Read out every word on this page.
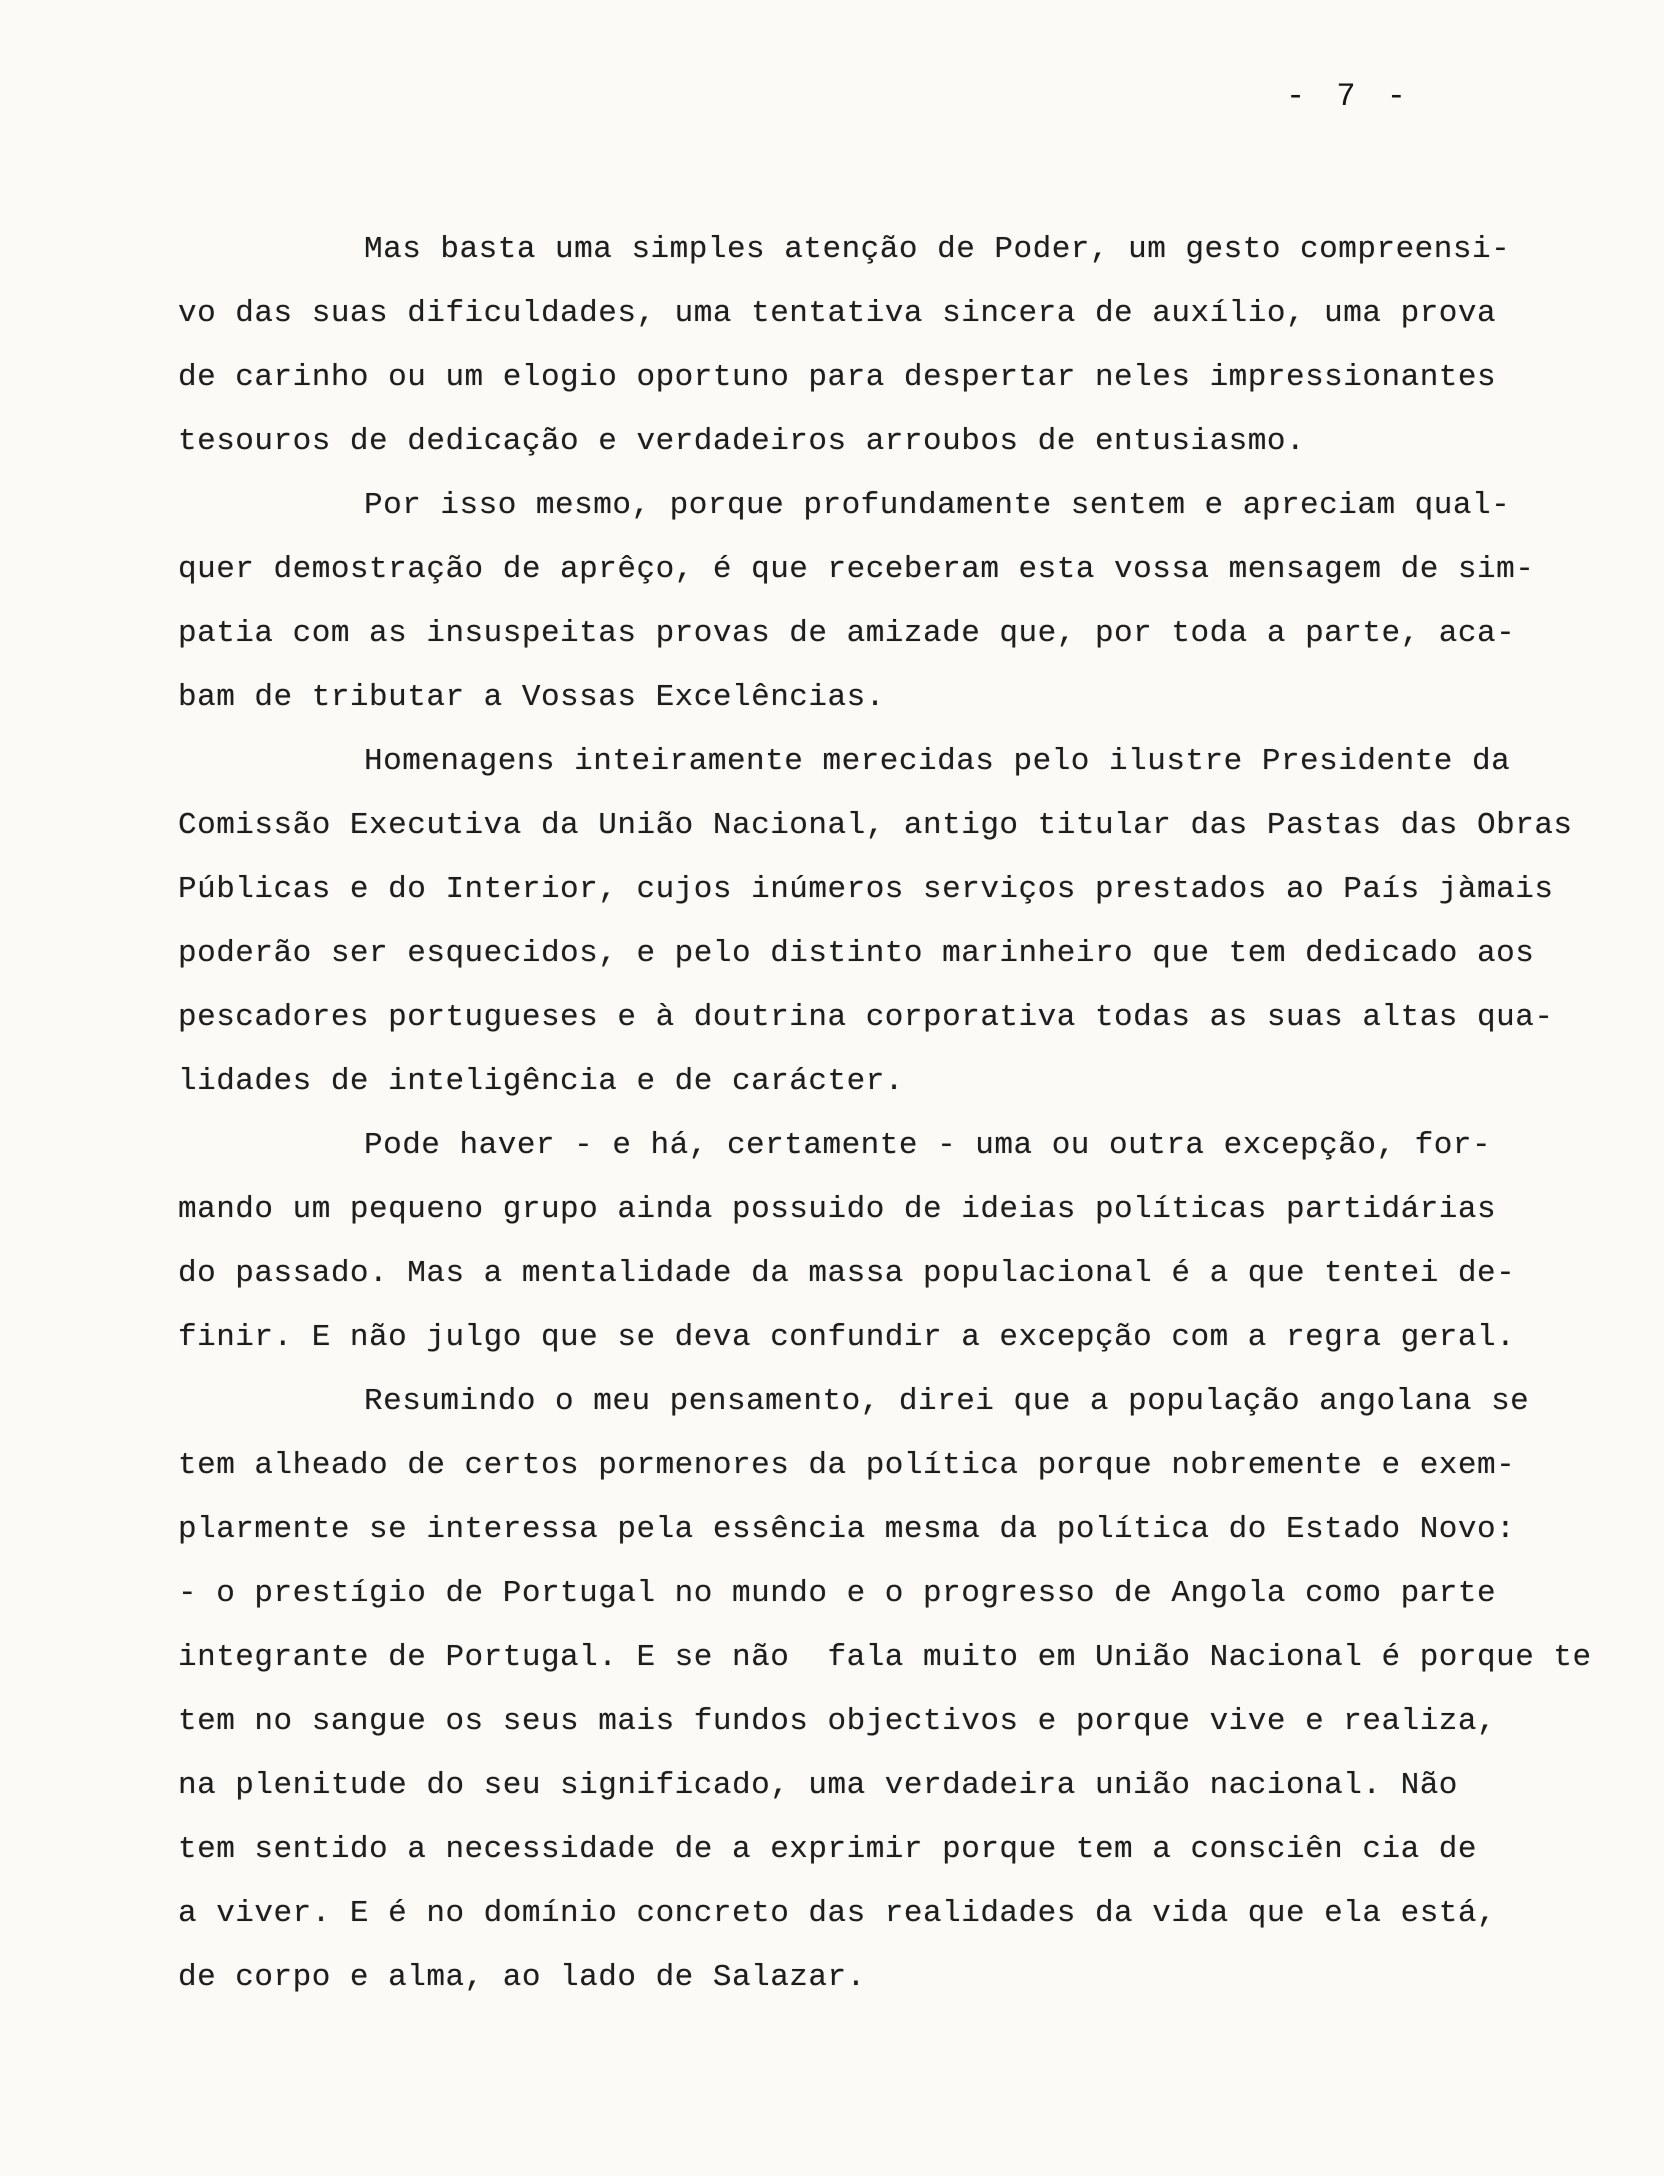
- 7 -
Mas basta uma simples atenção de Poder, um gesto compreensi-
vo das suas dificuldades, uma tentativa sincera de auxílio, uma prova
de carinho ou um elogio oportuno para despertar neles impressionantes
tesouros de dedicação e verdadeiros arroubos de entusiasmo.
Por isso mesmo, porque profundamente sentem e apreciam qual-
quer demostração de aprêço, é que receberam esta vossa mensagem de sim-
patia com as insuspeitas provas de amizade que, por toda a parte, aca-
bam de tributar a Vossas Excelências.
Homenagens inteiramente merecidas pelo ilustre Presidente da
Comissão Executiva da União Nacional, antigo titular das Pastas das Obras
Públicas e do Interior, cujos inúmeros serviços prestados ao País jàmais
poderão ser esquecidos, e pelo distinto marinheiro que tem dedicado aos
pescadores portugueses e à doutrina corporativa todas as suas altas qua-
lidades de inteligência e de carácter.
Pode haver - e há, certamente - uma ou outra excepção, for-
mando um pequeno grupo ainda possuido de ideias políticas partidárias
do passado. Mas a mentalidade da massa populacional é a que tentei de-
finir. E não julgo que se deva confundir a excepção com a regra geral.
Resumindo o meu pensamento, direi que a população angolana se
tem alheado de certos pormenores da política porque nobremente e exem-
plarmente se interessa pela essência mesma da política do Estado Novo:
- o prestígio de Portugal no mundo e o progresso de Angola como parte
integrante de Portugal. E se não  fala muito em União Nacional é porque te
tem no sangue os seus mais fundos objectivos e porque vive e realiza,
na plenitude do seu significado, uma verdadeira união nacional. Não
tem sentido a necessidade de a exprimir porque tem a consciên cia de
a viver. E é no domínio concreto das realidades da vida que ela está,
de corpo e alma, ao lado de Salazar.
